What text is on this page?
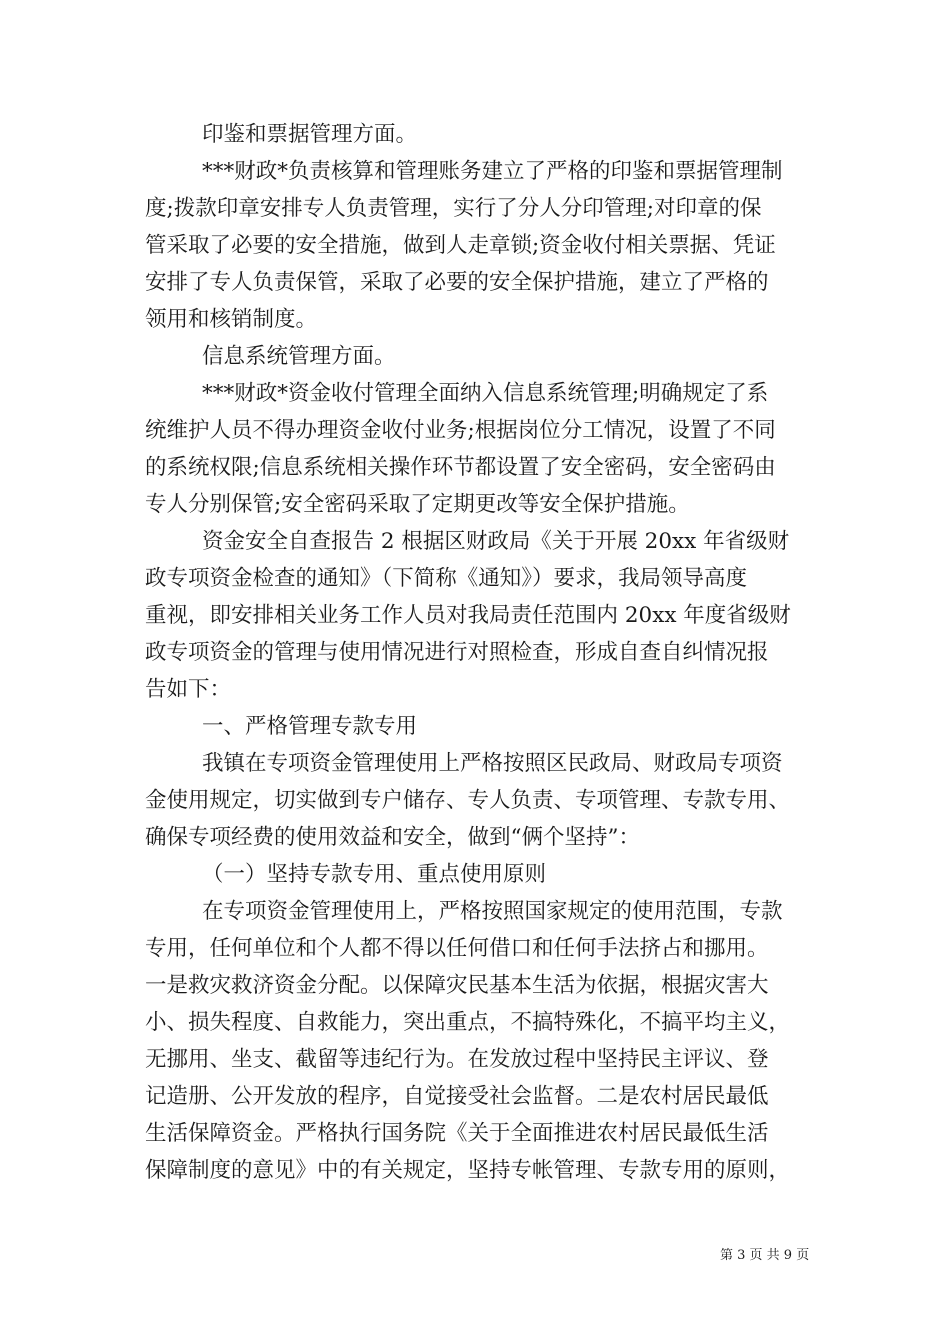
印鉴和票据管理方面。
***财政*负责核算和管理账务建立了严格的印鉴和票据管理制
度;拨款印章安排专人负责管理，实行了分人分印管理;对印章的保
管采取了必要的安全措施，做到人走章锁;资金收付相关票据、凭证
安排了专人负责保管，采取了必要的安全保护措施，建立了严格的
领用和核销制度。
信息系统管理方面。
***财政*资金收付管理全面纳入信息系统管理;明确规定了系
统维护人员不得办理资金收付业务;根据岗位分工情况，设置了不同
的系统权限;信息系统相关操作环节都设置了安全密码，安全密码由
专人分别保管;安全密码采取了定期更改等安全保护措施。
资金安全自查报告 2 根据区财政局《关于开展 20xx 年省级财
政专项资金检查的通知》（下简称《通知》）要求，我局领导高度
重视，即安排相关业务工作人员对我局责任范围内 20xx 年度省级财
政专项资金的管理与使用情况进行对照检查，形成自查自纠情况报
告如下：
一、严格管理专款专用
我镇在专项资金管理使用上严格按照区民政局、财政局专项资
金使用规定，切实做到专户储存、专人负责、专项管理、专款专用、
确保专项经费的使用效益和安全，做到“俩个坚持”：
（一）坚持专款专用、重点使用原则
在专项资金管理使用上，严格按照国家规定的使用范围，专款
专用，任何单位和个人都不得以任何借口和任何手法挤占和挪用。
一是救灾救济资金分配。以保障灾民基本生活为依据，根据灾害大
小、损失程度、自救能力，突出重点，不搞特殊化，不搞平均主义，
无挪用、坐支、截留等违纪行为。在发放过程中坚持民主评议、登
记造册、公开发放的程序，自觉接受社会监督。二是农村居民最低
生活保障资金。严格执行国务院《关于全面推进农村居民最低生活
保障制度的意见》中的有关规定，坚持专帐管理、专款专用的原则，
第 3 页 共 9 页
